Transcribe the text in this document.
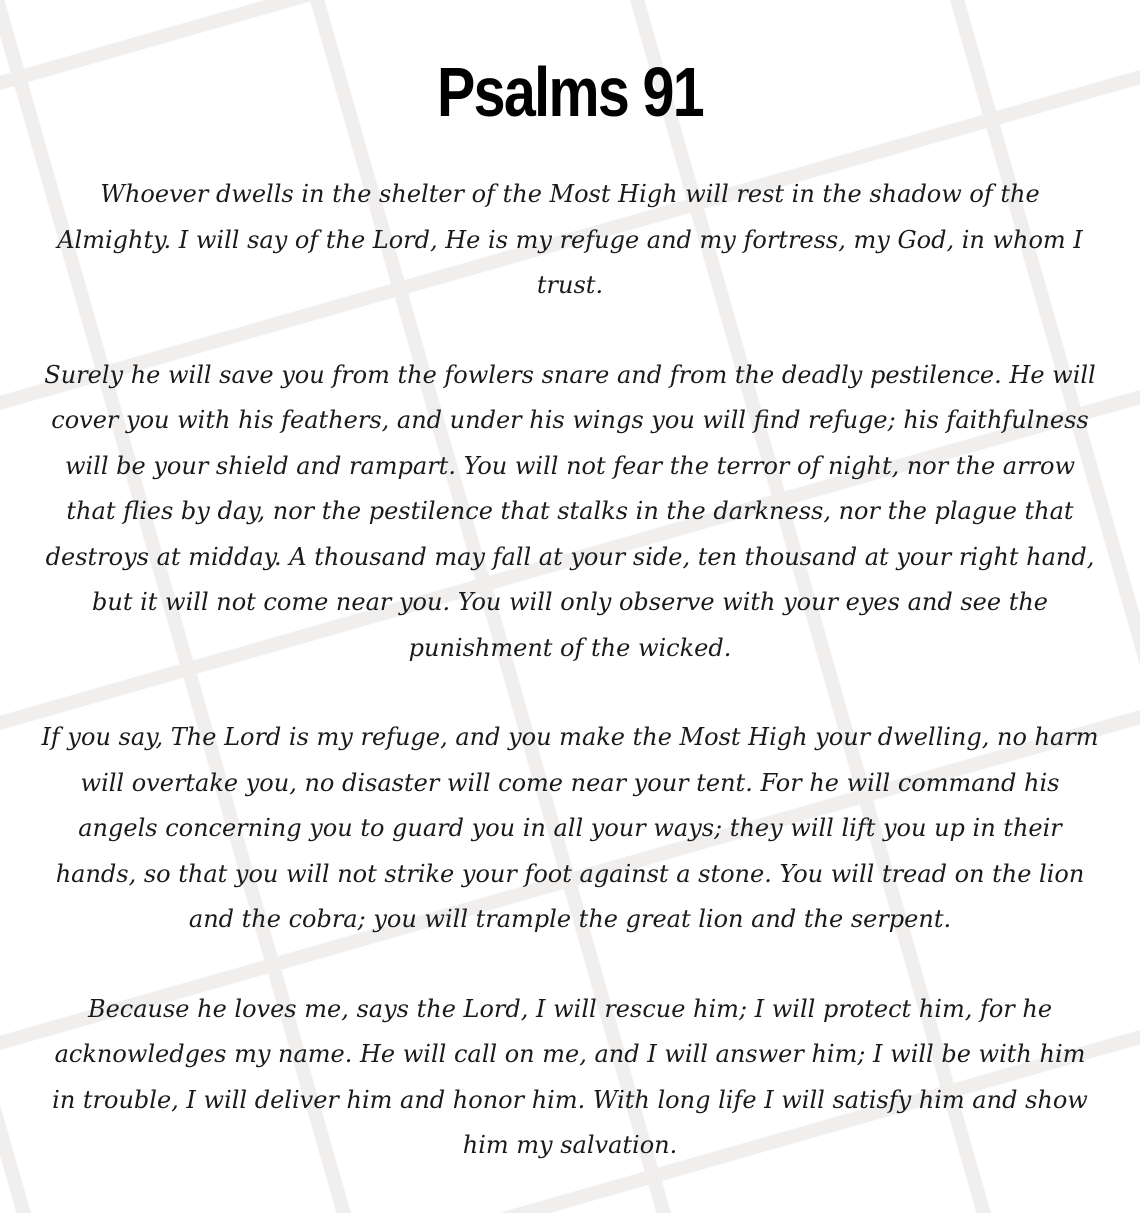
Psalms 91

Whoever dwells in the shelter of the Most High will rest in the shadow of the Almighty. I will say of the Lord, He is my refuge and my fortress, my God, in whom I trust.

Surely he will save you from the fowlers snare and from the deadly pestilence. He will cover you with his feathers, and under his wings you will find refuge; his faithfulness will be your shield and rampart. You will not fear the terror of night, nor the arrow that flies by day, nor the pestilence that stalks in the darkness, nor the plague that destroys at midday. A thousand may fall at your side, ten thousand at your right hand, but it will not come near you. You will only observe with your eyes and see the punishment of the wicked.

If you say, The Lord is my refuge, and you make the Most High your dwelling, no harm will overtake you, no disaster will come near your tent. For he will command his angels concerning you to guard you in all your ways; they will lift you up in their hands, so that you will not strike your foot against a stone. You will tread on the lion and the cobra; you will trample the great lion and the serpent.

Because he loves me, says the Lord, I will rescue him; I will protect him, for he acknowledges my name. He will call on me, and I will answer him; I will be with him in trouble, I will deliver him and honor him. With long life I will satisfy him and show him my salvation.
